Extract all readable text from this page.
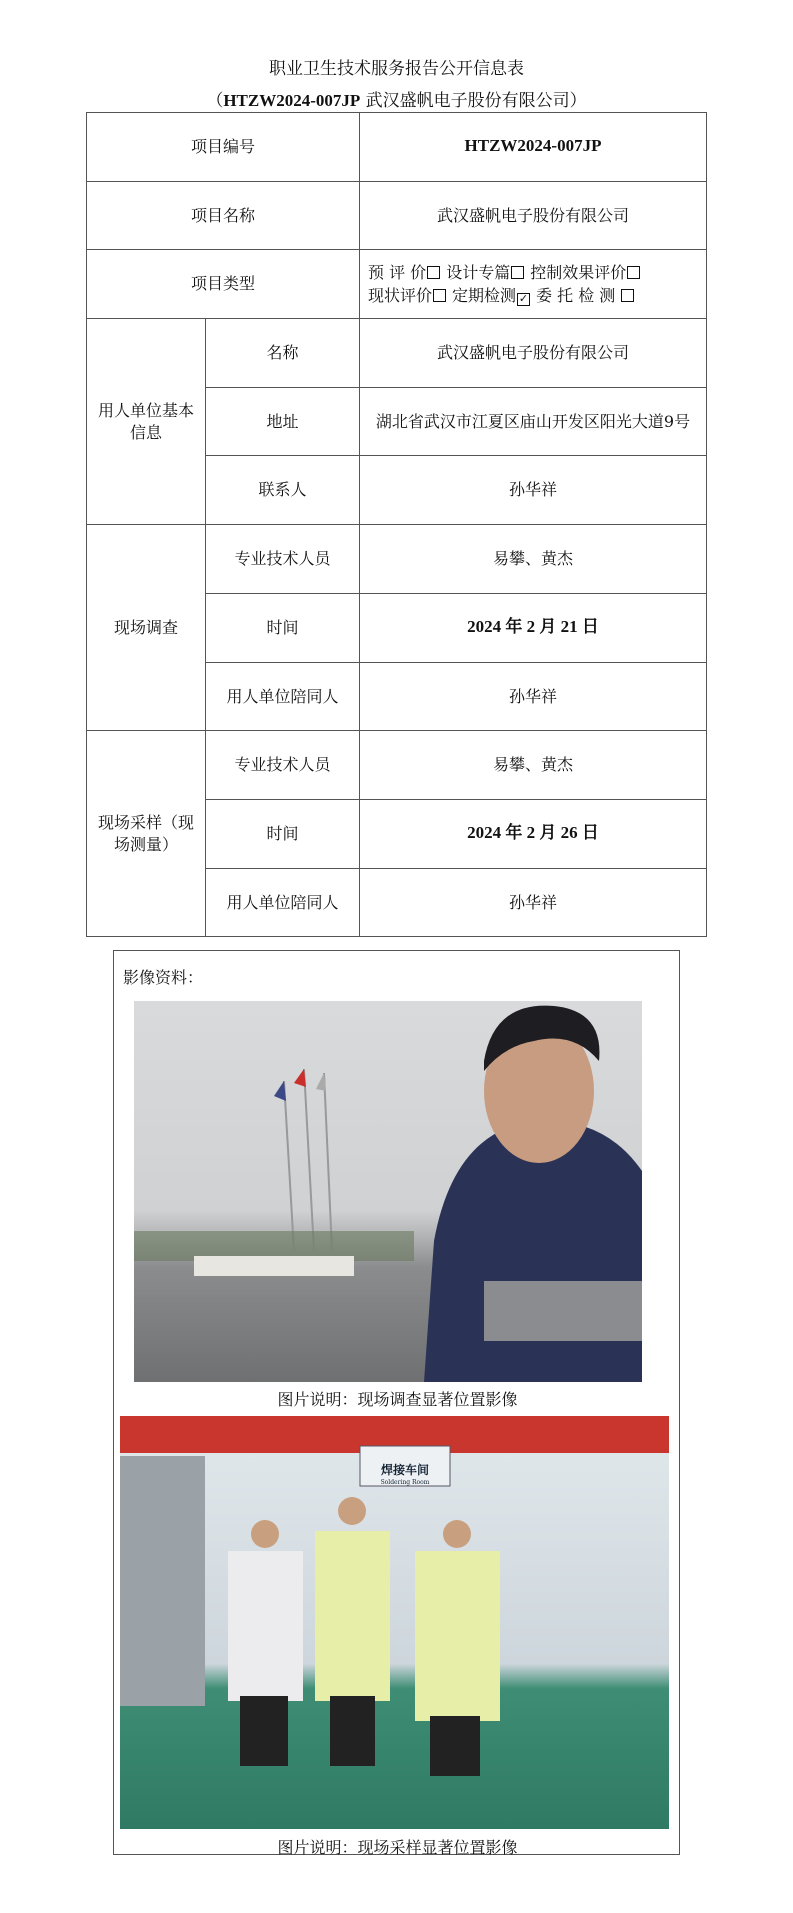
职业卫生技术服务报告公开信息表
（HTZW2024-007JP 武汉盛帆电子股份有限公司）
项目编号		HTZW2024-007JP
项目名称		武汉盛帆电子股份有限公司
项目类型		预 评 价 设计专篇 控制效果评价
现状评价 定期检测 ✓ 委 托 检 测
用人单位基本信息	名称	武汉盛帆电子股份有限公司
	地址	湖北省武汉市江夏区庙山开发区阳光大道9号
	联系人	孙华祥
现场调查	专业技术人员	易攀、黄杰
	时间	2024 年 2 月 21 日
	用人单位陪同人	孙华祥
现场采样（现场测量）	专业技术人员	易攀、黄杰
	时间	2024 年 2 月 26 日
	用人单位陪同人	孙华祥
影像资料：
图片说明：现场调查显著位置影像
焊接车间
Soldering Room
图片说明：现场采样显著位置影像
